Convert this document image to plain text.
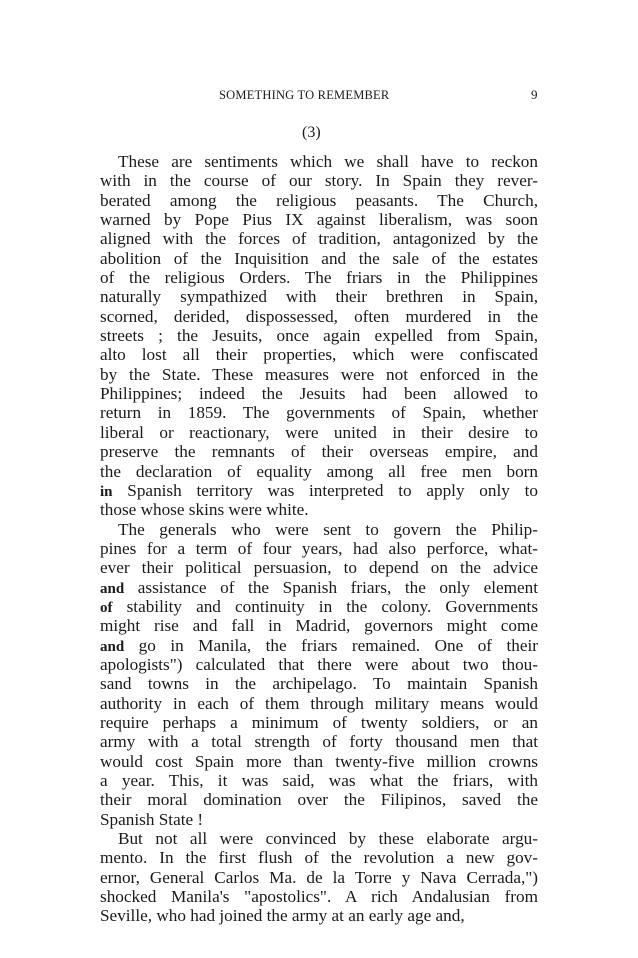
SOMETHING TO REMEMBER	9
(3)
These are sentiments which we shall have to reckon
with in the course of our story. In Spain they rever-
berated among the religious peasants. The Church,
warned by Pope Pius IX against liberalism, was soon
aligned with the forces of tradition, antagonized by the
abolition of the Inquisition and the sale of the estates
of the religious Orders. The friars in the Philippines
naturally sympathized with their brethren in Spain,
scorned, derided, dispossessed, often murdered in the
streets ; the Jesuits, once again expelled from Spain,
alto lost all their properties, which were confiscated
by the State. These measures were not enforced in the
Philippines; indeed the Jesuits had been allowed to
return in 1859. The governments of Spain, whether
liberal or reactionary, were united in their desire to
preserve the remnants of their overseas empire, and
the declaration of equality among all free men born
in Spanish territory was interpreted to apply only to
those whose skins were white.
The generals who were sent to govern the Philip-
pines for a term of four years, had also perforce, what-
ever their political persuasion, to depend on the advice
and assistance of the Spanish friars, the only element
of stability and continuity in the colony. Governments
might rise and fall in Madrid, governors might come
and go in Manila, the friars remained. One of their
apologists") calculated that there were about two thou-
sand towns in the archipelago. To maintain Spanish
authority in each of them through military means would
require perhaps a minimum of twenty soldiers, or an
army with a total strength of forty thousand men that
would cost Spain more than twenty-five million crowns
a year. This, it was said, was what the friars, with
their moral domination over the Filipinos, saved the
Spanish State !
But not all were convinced by these elaborate argu-
mento. In the first flush of the revolution a new gov-
ernor, General Carlos Ma. de la Torre y Nava Cerrada,")
shocked Manila's "apostolics". A rich Andalusian from
Seville, who had joined the army at an early age and,
